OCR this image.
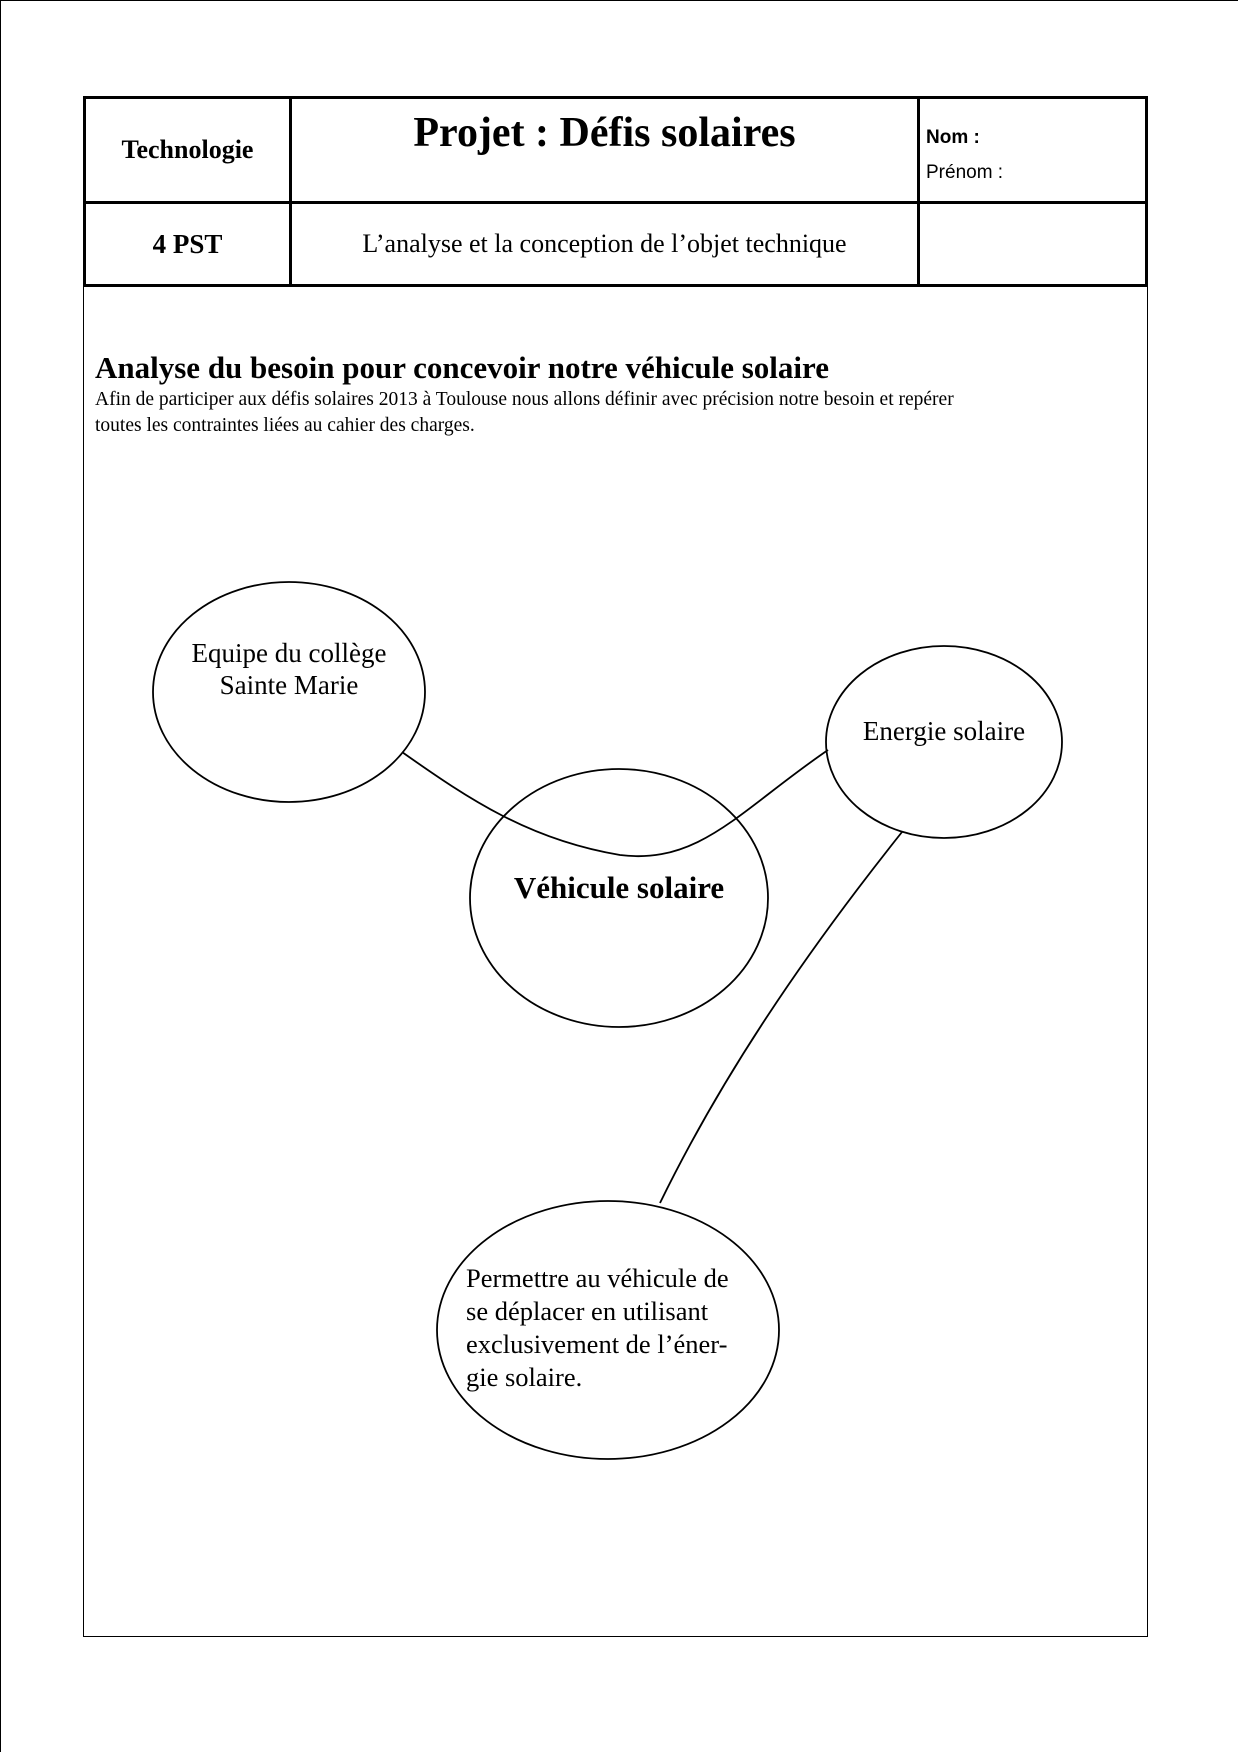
Technologie	Projet : Défis solaires	Nom :
Prénom :
4 PST	L’analyse et la conception de l’objet technique
Analyse du besoin pour concevoir notre véhicule solaire
Afin de participer aux défis solaires 2013 à Toulouse nous allons définir avec précision notre besoin et repérer
toutes les contraintes liées au cahier des charges.
Equipe du collège
Sainte Marie
Energie solaire
Véhicule solaire
Permettre au véhicule de
se déplacer en utilisant
exclusivement de l’éner-
gie solaire.
